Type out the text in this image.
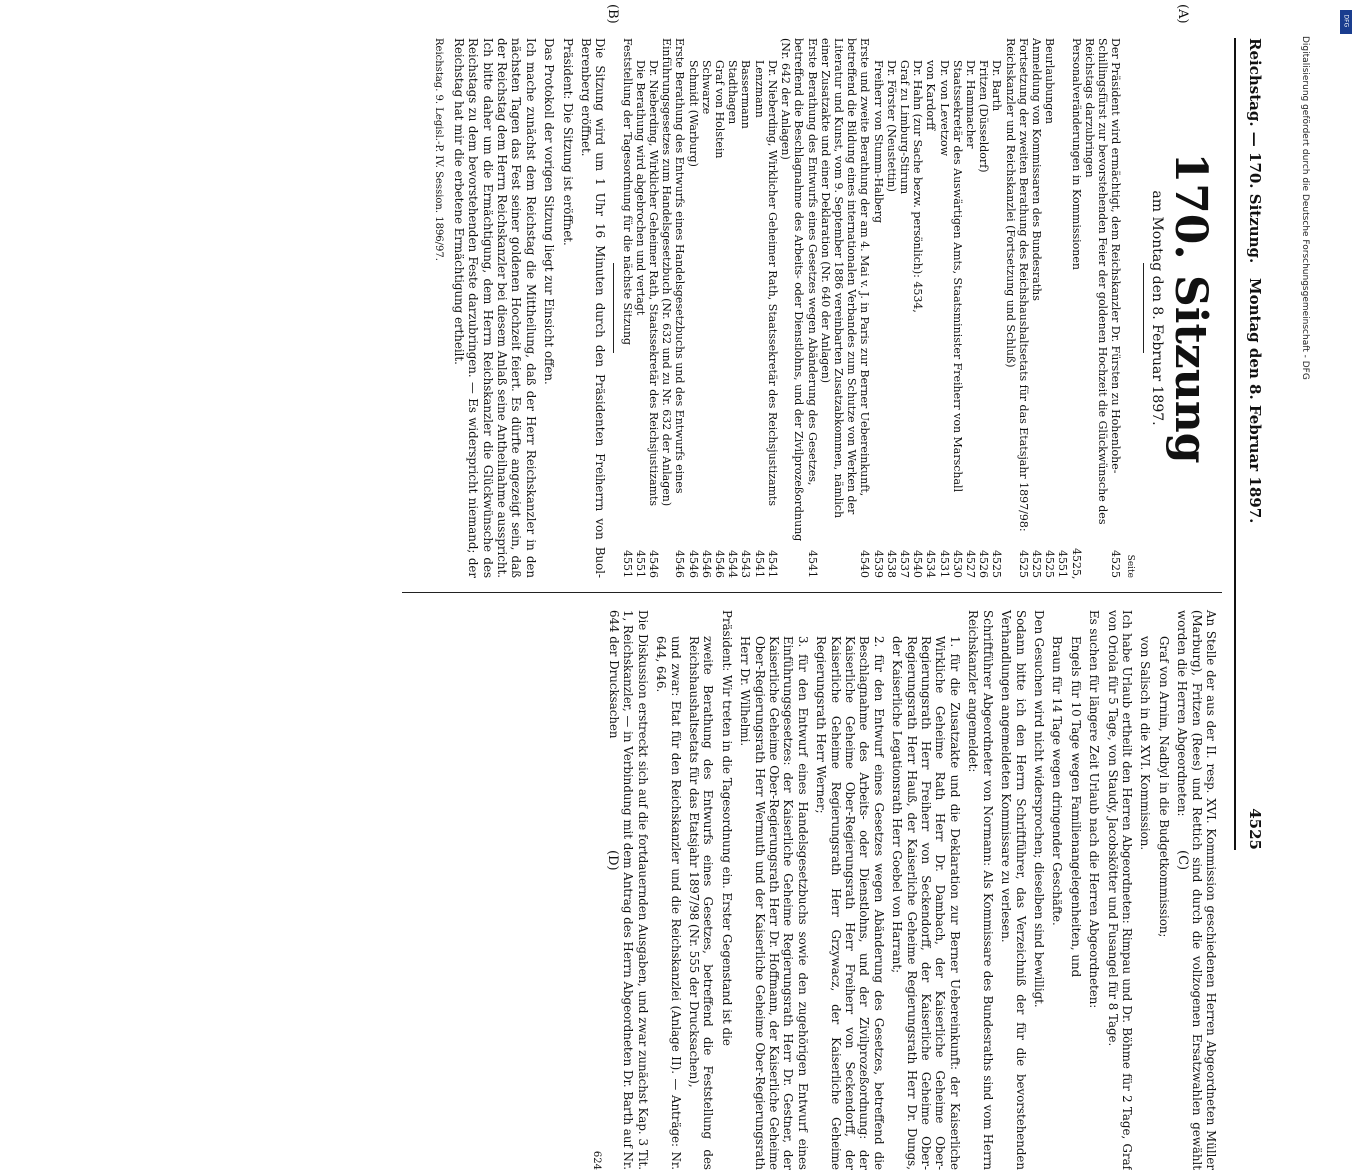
Reichstag. — 170. Sitzung.
Montag den 8. Februar 1897.
4525
(A)
(B)
(C)
(D)
170. Sitzung
am Montag den 8. Februar 1897.
Seite
Der Präsident wird ermächtigt, dem Reichskanzler Dr. Fürsten zu Hohenlohe-Schillingsfürst zur bevorstehenden Feier der goldenen Hochzeit die Glückwünsche des Reichstags darzubringen
4525
Personalveränderungen in Kommissionen
4525, 4551
Beurlaubungen
4525
Anmeldung von Kommissaren des Bundesraths
4525
Fortsetzung der zweiten Berathung des Reichshaushaltsetats für das Etatsjahr 1897/98: Reichskanzler und Reichskanzlei (Fortsetzung und Schluß)
4525
Dr. Barth
4525
Fritzen (Düsseldorf)
4526
Dr. Hammacher
4527
Staatssekretär des Auswärtigen Amts, Staatsminister Freiherr von Marschall
4530
Dr. von Levetzow
4531
von Kardorff
4534
Dr. Hahn (zur Sache bezw. persönlich): 4534,
4540
Graf zu Limburg-Stirum
4537
Dr. Förster (Neustettin)
4538
Freiherr von Stumm-Halberg
4539
Erste und zweite Berathung der am 4. Mai v. J. in Paris zur Berner Uebereinkunft, betreffend die Bildung eines internationalen Verbandes zum Schutze von Werken der Literatur und Kunst, vom 9. September 1886 vereinbarten Zusatzabkommen, nämlich einer Zusatzakte und einer Deklaration (Nr. 640 der Anlagen)
4540
Erste Berathung des Entwurfs eines Gesetzes wegen Abänderung des Gesetzes, betreffend die Beschlagnahme des Arbeits- oder Dienstlohns, und der Zivilprozeßordnung (Nr. 642 der Anlagen)
4541
Dr. Nieberding, Wirklicher Geheimer Rath, Staatssekretär des Reichsjustizamts
4541
Lenzmann
4541
Bassermann
4543
Stadthagen
4544
Graf von Holstein
4546
Schwarze
4546
Schmidt (Warburg)
4546
Erste Berathung des Entwurfs eines Handelsgesetzbuchs und des Entwurfs eines Einführungsgesetzes zum Handelsgesetzbuch (Nr. 632 und zu Nr. 632 der Anlagen)
4546
Dr. Nieberding, Wirklicher Geheimer Rath, Staatssekretär des Reichsjustizamts
4546
Die Berathung wird abgebrochen und vertagt
4551
Feststellung der Tagesordnung für die nächste Sitzung
4551
Die Sitzung wird um 1 Uhr 16 Minuten durch den Präsidenten Freiherrn von Buol-Berenberg eröffnet.
Präsident: Die Sitzung ist eröffnet.
Das Protokoll der vorigen Sitzung liegt zur Einsicht offen.
Ich mache zunächst dem Reichstag die Mittheilung, daß der Herr Reichskanzler in den nächsten Tagen das Fest seiner goldenen Hochzeit feiert. Es dürfte angezeigt sein, daß der Reichstag dem Herrn Reichskanzler bei diesem Anlaß seine Antheilnahme ausspricht. Ich bitte daher um die Ermächtigung, dem Herrn Reichskanzler die Glückwünsche des Reichstags zu dem bevorstehenden Feste darzubringen. — Es widerspricht niemand; der Reichstag hat mir die erbetene Ermächtigung ertheilt.
Reichstag. 9. Legisl.-P. IV. Session. 1896/97.
An Stelle der aus der II. resp. XVI. Kommission geschiedenen Herren Abgeordneten Müller (Marburg), Fritzen (Rees) und Rettich sind durch die vollzogenen Ersatzwahlen gewählt worden die Herren Abgeordneten:
Graf von Arnim, Nadbyl in die Budgetkommission;
von Salisch in die XVI. Kommission.
Ich habe Urlaub ertheilt den Herren Abgeordneten: Rimpau und Dr. Böhme für 2 Tage, Graf von Oriola für 5 Tage, von Staudy, Jacobskötter und Fusangel für 8 Tage.
Es suchen für längere Zeit Urlaub nach die Herren Abgeordneten:
Engels für 10 Tage wegen Familienangelegenheiten, und
Braun für 14 Tage wegen dringender Geschäfte.
Den Gesuchen wird nicht widersprochen; dieselben sind bewilligt.
Sodann bitte ich den Herrn Schriftführer, das Verzeichniß der für die bevorstehenden Verhandlungen angemeldeten Kommissare zu verlesen.
Schriftführer Abgeordneter von Normann: Als Kommissare des Bundesraths sind vom Herrn Reichskanzler angemeldet:
1. für die Zusatzakte und die Deklaration zur Berner Uebereinkunft: der Kaiserliche Wirkliche Geheime Rath Herr Dr. Dambach, der Kaiserliche Geheime Ober-Regierungsrath Herr Freiherr von Seckendorff, der Kaiserliche Geheime Ober-Regierungsrath Herr Hauß, der Kaiserliche Geheime Regierungsrath Herr Dr. Dungs, der Kaiserliche Legationsrath Herr Goebel von Harrant;
2. für den Entwurf eines Gesetzes wegen Abänderung des Gesetzes, betreffend die Beschlagnahme des Arbeits- oder Dienstlohns, und der Zivilprozeßordnung: der Kaiserliche Geheime Ober-Regierungsrath Herr Freiherr von Seckendorff, der Kaiserliche Geheime Regierungsrath Herr Grzywacz, der Kaiserliche Geheime Regierungsrath Herr Werner;
3. für den Entwurf eines Handelsgesetzbuchs sowie den zugehörigen Entwurf eines Einführungsgesetzes: der Kaiserliche Geheime Regierungsrath Herr Dr. Gestner, der Kaiserliche Geheime Ober-Regierungsrath Herr Dr. Hoffmann, der Kaiserliche Geheime Ober-Regierungsrath Herr Wermuth und der Kaiserliche Geheime Ober-Regierungsrath Herr Dr. Wilhelmi.
Präsident: Wir treten in die Tagesordnung ein. Erster Gegenstand ist die
zweite Berathung des Entwurfs eines Gesetzes, betreffend die Feststellung des Reichshaushaltsetats für das Etatsjahr 1897/98 (Nr. 555 der Drucksachen),
und zwar: Etat für den Reichskanzler und die Reichskanzlei (Anlage II). — Anträge: Nr. 644, 646.
Die Diskussion erstreckt sich auf die fortdauernden Ausgaben, und zwar zunächst Kap. 3 Tit. 1, Reichskanzler, — in Verbindung mit dem Antrag des Herrn Abgeordneten Dr. Barth auf Nr. 644 der Drucksachen
624
DFG
Digitalisierung gefördert durch die Deutsche Forschungsgemeinschaft - DFG
